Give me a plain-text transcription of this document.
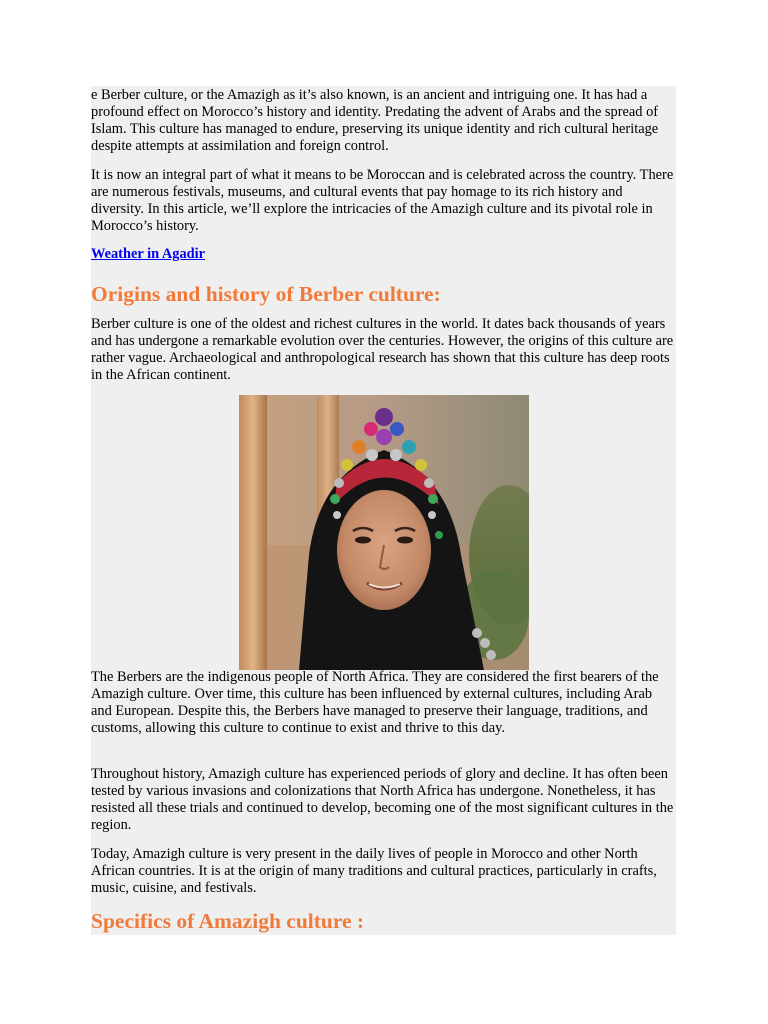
e Berber culture, or the Amazigh as it’s also known, is an ancient and intriguing one. It has had a profound effect on Morocco’s history and identity. Predating the advent of Arabs and the spread of Islam. This culture has managed to endure, preserving its unique identity and rich cultural heritage despite attempts at assimilation and foreign control.

It is now an integral part of what it means to be Moroccan and is celebrated across the country. There are numerous festivals, museums, and cultural events that pay homage to its rich history and diversity. In this article, we’ll explore the intricacies of the Amazigh culture and its pivotal role in Morocco’s history.

Weather in Agadir
Origins and history of Berber culture:

Berber culture is one of the oldest and richest cultures in the world. It dates back thousands of years and has undergone a remarkable evolution over the centuries. However, the origins of this culture are rather vague. Archaeological and anthropological research has shown that this culture has deep roots in the African continent.

The Berbers are the indigenous people of North Africa. They are considered the first bearers of the Amazigh culture. Over time, this culture has been influenced by external cultures, including Arab and European. Despite this, the Berbers have managed to preserve their language, traditions, and customs, allowing this culture to continue to exist and thrive to this day.

Throughout history, Amazigh culture has experienced periods of glory and decline. It has often been tested by various invasions and colonizations that North Africa has undergone. Nonetheless, it has resisted all these trials and continued to develop, becoming one of the most significant cultures in the region.

Today, Amazigh culture is very present in the daily lives of people in Morocco and other North African countries. It is at the origin of many traditions and cultural practices, particularly in crafts, music, cuisine, and festivals.

Specifics of Amazigh culture :
